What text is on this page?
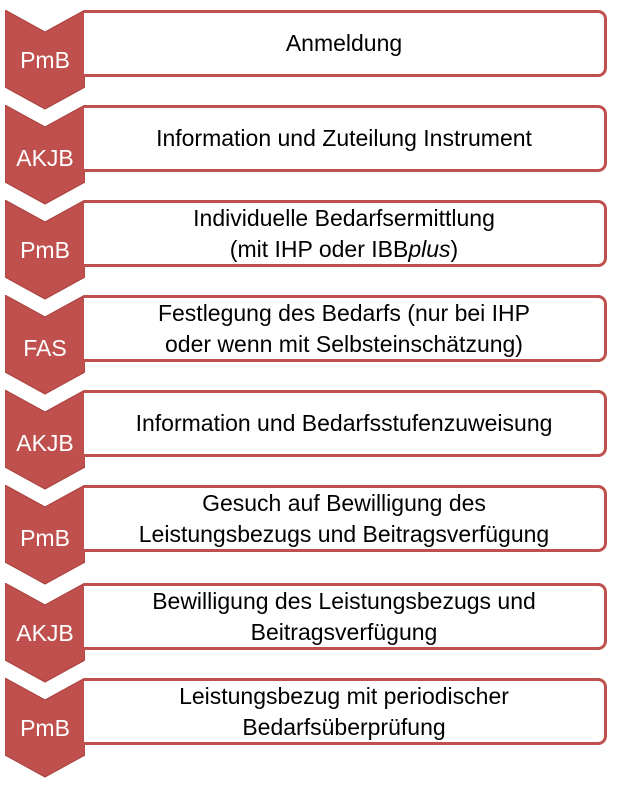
PmB
Anmeldung
AKJB
Information und Zuteilung Instrument
PmB
Individuelle Bedarfsermittlung
(mit IHP oder IBBplus)
FAS
Festlegung des Bedarfs (nur bei IHP
oder wenn mit Selbsteinschätzung)
AKJB
Information und Bedarfsstufenzuweisung
PmB
Gesuch auf Bewilligung des
Leistungsbezugs und Beitragsverfügung
AKJB
Bewilligung des Leistungsbezugs und
Beitragsverfügung
PmB
Leistungsbezug mit periodischer
Bedarfsüberprüfung
